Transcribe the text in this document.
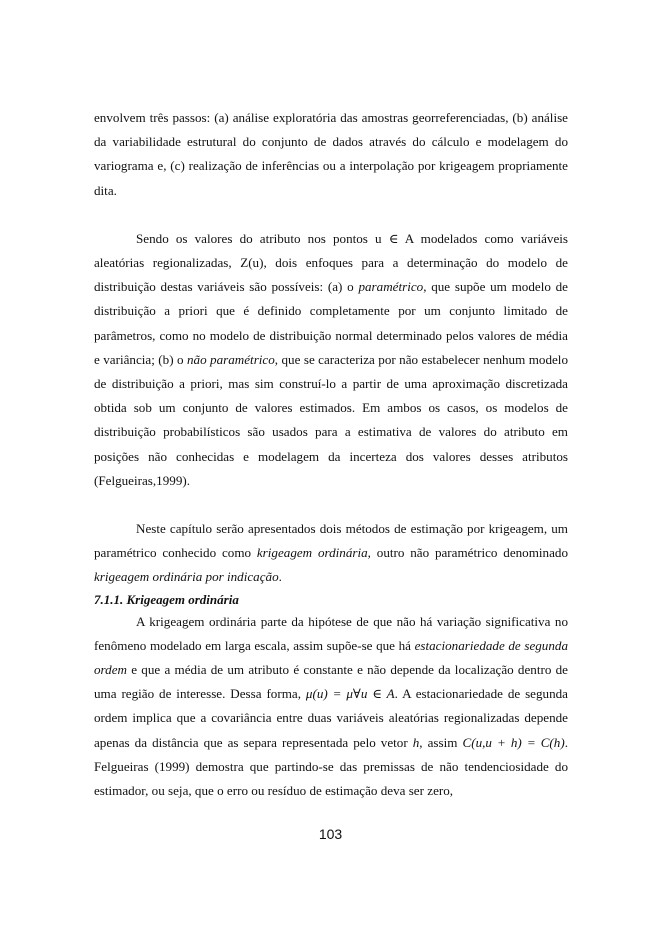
envolvem três passos: (a) análise exploratória das amostras georreferenciadas, (b) análise da variabilidade estrutural do conjunto de dados através do cálculo e modelagem do variograma e, (c) realização de inferências ou a interpolação por krigeagem propriamente dita.

Sendo os valores do atributo nos pontos u ∈ A modelados como variáveis aleatórias regionalizadas, Z(u), dois enfoques para a determinação do modelo de distribuição destas variáveis são possíveis: (a) o paramétrico, que supõe um modelo de distribuição a priori que é definido completamente por um conjunto limitado de parâmetros, como no modelo de distribuição normal determinado pelos valores de média e variância; (b) o não paramétrico, que se caracteriza por não estabelecer nenhum modelo de distribuição a priori, mas sim construí-lo a partir de uma aproximação discretizada obtida sob um conjunto de valores estimados. Em ambos os casos, os modelos de distribuição probabilísticos são usados para a estimativa de valores do atributo em posições não conhecidas e modelagem da incerteza dos valores desses atributos (Felgueiras,1999).

Neste capítulo serão apresentados dois métodos de estimação por krigeagem, um paramétrico conhecido como krigeagem ordinária, outro não paramétrico denominado krigeagem ordinária por indicação.

7.1.1. Krigeagem ordinária

A krigeagem ordinária parte da hipótese de que não há variação significativa no fenômeno modelado em larga escala, assim supõe-se que há estacionariedade de segunda ordem e que a média de um atributo é constante e não depende da localização dentro de uma região de interesse. Dessa forma, μ(u) = μ∀u ∈ A. A estacionariedade de segunda ordem implica que a covariância entre duas variáveis aleatórias regionalizadas depende apenas da distância que as separa representada pelo vetor h, assim C(u,u + h) = C(h). Felgueiras (1999) demostra que partindo-se das premissas de não tendenciosidade do estimador, ou seja, que o erro ou resíduo de estimação deva ser zero,

103
